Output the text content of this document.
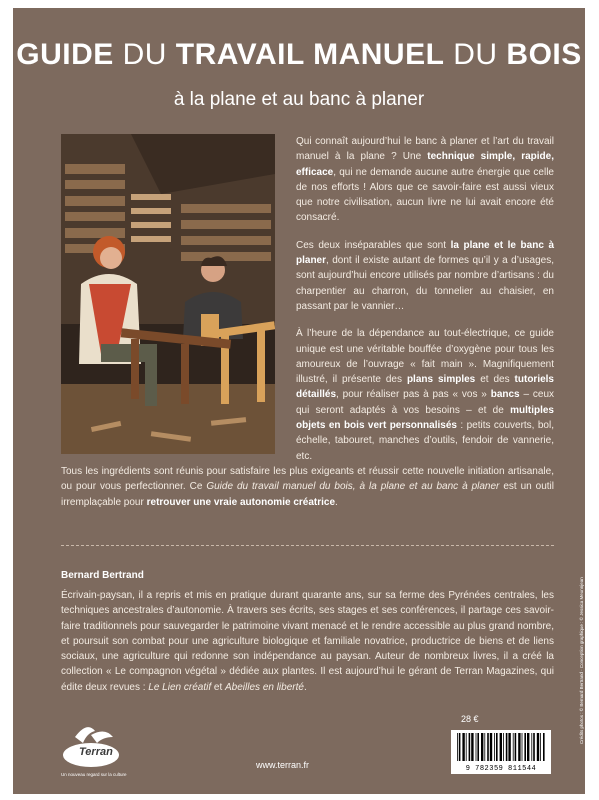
GUIDE DU TRAVAIL MANUEL DU BOIS
à la plane et au banc à planer

Qui connaît aujourd’hui le banc à planer et l’art du travail manuel à la plane ? Une technique simple, rapide, efficace, qui ne demande aucune autre énergie que celle de nos efforts ! Alors que ce savoir-faire est aussi vieux que notre civilisation, aucun livre ne lui avait encore été consacré.

Ces deux inséparables que sont la plane et le banc à planer, dont il existe autant de formes qu’il y a d’usages, sont aujourd’hui encore utilisés par nombre d’artisans : du charpentier au charron, du tonnelier au chaisier, en passant par le vannier…

À l’heure de la dépendance au tout-électrique, ce guide unique est une véritable bouffée d’oxygène pour tous les amoureux de l’ouvrage « fait main ». Magnifiquement illustré, il présente des plans simples et des tutoriels détaillés, pour réaliser pas à pas « vos » bancs – ceux qui seront adaptés à vos besoins – et de multiples objets en bois vert personnalisés : petits couverts, bol, échelle, tabouret, manches d’outils, fendoir de vannerie, etc.

Tous les ingrédients sont réunis pour satisfaire les plus exigeants et réussir cette nouvelle initiation artisanale, ou pour vous perfectionner. Ce Guide du travail manuel du bois, à la plane et au banc à planer est un outil irremplaçable pour retrouver une vraie autonomie créatrice.

Bernard Bertrand

Écrivain-paysan, il a repris et mis en pratique durant quarante ans, sur sa ferme des Pyrénées centrales, les techniques ancestrales d’autonomie. À travers ses écrits, ses stages et ses conférences, il partage ces savoir-faire traditionnels pour sauvegarder le patrimoine vivant menacé et le rendre accessible au plus grand nombre, et poursuit son combat pour une agriculture biologique et familiale novatrice, productrice de biens et de liens sociaux, une agriculture qui redonne son indépendance au paysan. Auteur de nombreux livres, il a créé la collection « Le compagnon végétal » dédiée aux plantes. Il est aujourd’hui le gérant de Terran Magazines, qui édite deux revues : Le Lien créatif et Abeilles en liberté.

Terran
Un nouveau regard sur la culture
www.terran.fr
28 €
9 782359 811544
Crédits photos : © Bernard Bertrand · Conception graphique : © Jessica Meunnjean
